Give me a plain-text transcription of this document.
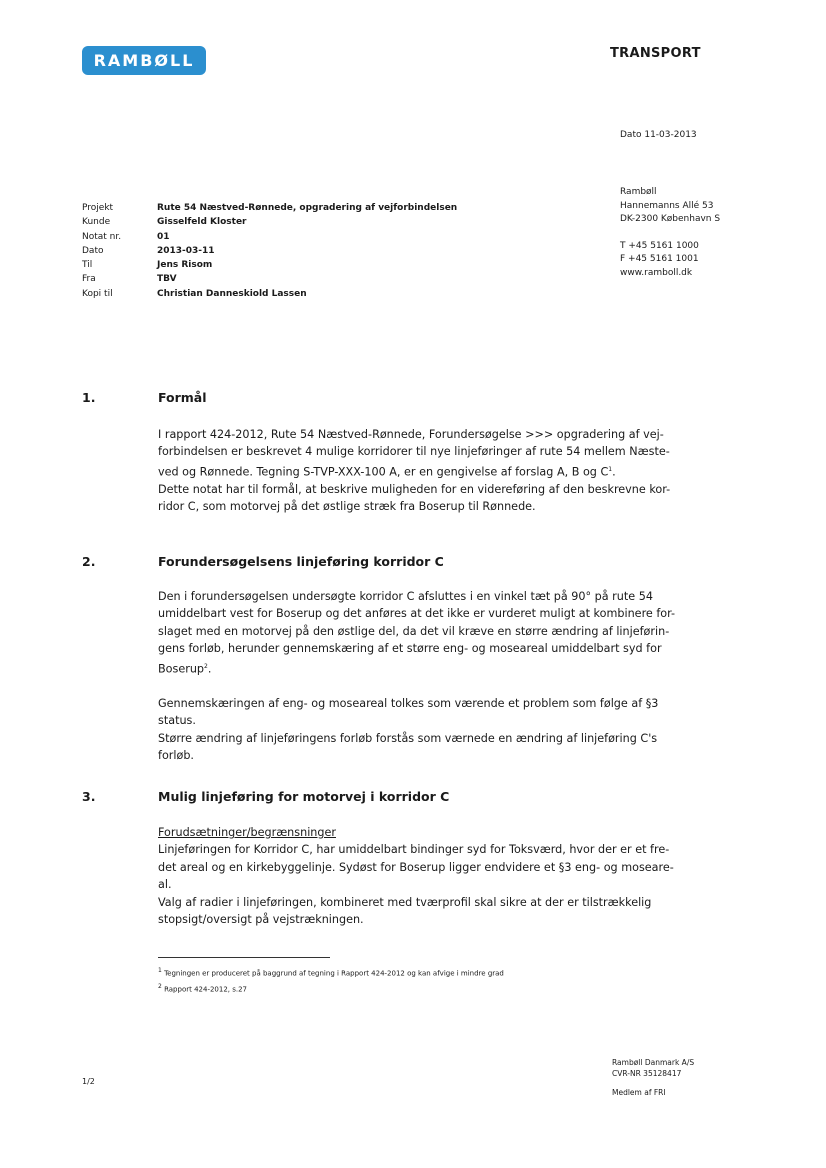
RAMBØLL	TRANSPORT
Dato 11-03-2013
Rambøll
Hannemanns Allé 53
DK-2300 København S
T +45 5161 1000
F +45 5161 1001
www.ramboll.dk
Projekt	Rute 54 Næstved-Rønnede, opgradering af vejforbindelsen
Kunde	Gisselfeld Kloster
Notat nr.	01
Dato	2013-03-11
Til	Jens Risom
Fra	TBV
Kopi til	Christian Danneskiold Lassen
1.	Formål
I rapport 424-2012, Rute 54 Næstved-Rønnede, Forundersøgelse >>> opgradering af vej-
forbindelsen er beskrevet 4 mulige korridorer til nye linjeføringer af rute 54 mellem Næste-
ved og Rønnede. Tegning S-TVP-XXX-100 A, er en gengivelse af forslag A, B og $C^1$.
Dette notat har til formål, at beskrive muligheden for en videreføring af den beskrevne kor-
ridor C, som motorvej på det østlige stræk fra Boserup til Rønnede.
2.	Forundersøgelsens linjeføring korridor C
Den i forundersøgelsen undersøgte korridor C afsluttes i en vinkel tæt på 90° på rute 54
umiddelbart vest for Boserup og det anføres at det ikke er vurderet muligt at kombinere for-
slaget med en motorvej på den østlige del, da det vil kræve en større ændring af linjeførin-
gens forløb, herunder gennemskæring af et større eng- og moseareal umiddelbart syd for
Boserup$^2$.
Gennemskæringen af eng- og moseareal tolkes som værende et problem som følge af §3
status.
Større ændring af linjeføringens forløb forstås som værnede en ændring af linjeføring C's
forløb.
3.	Mulig linjeføring for motorvej i korridor C
Forudsætninger/begrænsninger
Linjeføringen for Korridor C, har umiddelbart bindinger syd for Toksværd, hvor der er et fre-
det areal og en kirkebyggelinje. Sydøst for Boserup ligger endvidere et §3 eng- og moseare-
al.
Valg af radier i linjeføringen, kombineret med tværprofil skal sikre at der er tilstrækkelig
stopsigt/oversigt på vejstrækningen.
$^1$ Tegningen er produceret på baggrund af tegning i Rapport 424-2012 og kan afvige i mindre grad
$^2$ Rapport 424-2012, s.27
1/2
Rambøll Danmark A/S
CVR-NR 35128417
Medlem af FRI
